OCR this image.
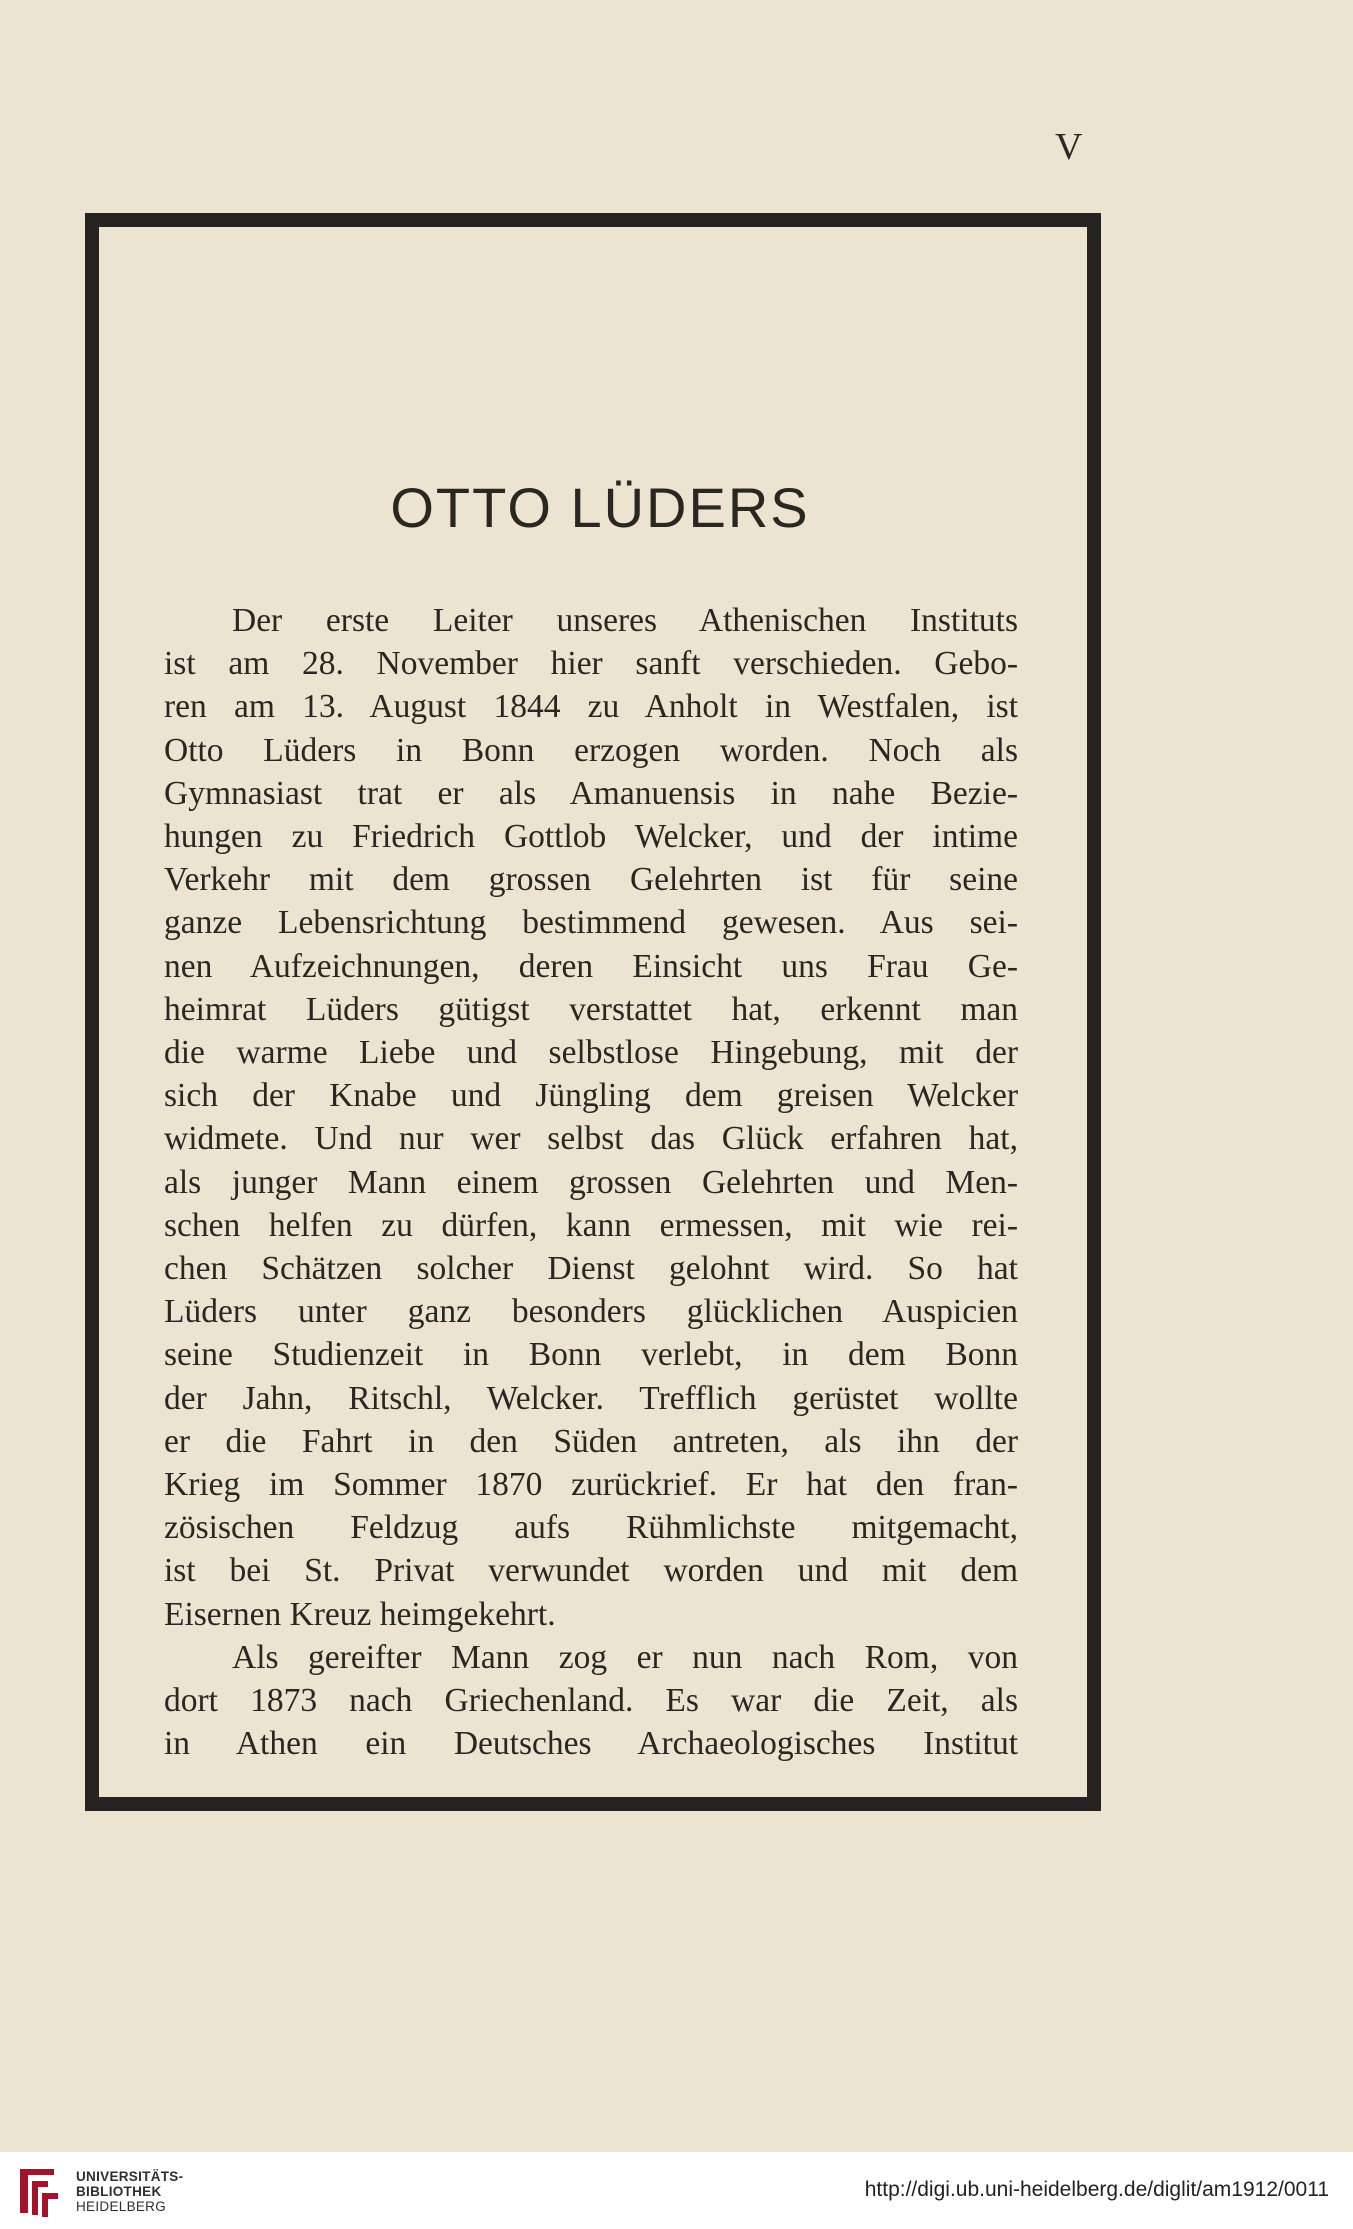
V
OTTO LÜDERS
Der erste Leiter unseres Athenischen Instituts
ist am 28. November hier sanft verschieden. Gebo-
ren am 13. August 1844 zu Anholt in Westfalen, ist
Otto Lüders in Bonn erzogen worden. Noch als
Gymnasiast trat er als Amanuensis in nahe Bezie-
hungen zu Friedrich Gottlob Welcker, und der intime
Verkehr mit dem grossen Gelehrten ist für seine
ganze Lebensrichtung bestimmend gewesen. Aus sei-
nen Aufzeichnungen, deren Einsicht uns Frau Ge-
heimrat Lüders gütigst verstattet hat, erkennt man
die warme Liebe und selbstlose Hingebung, mit der
sich der Knabe und Jüngling dem greisen Welcker
widmete. Und nur wer selbst das Glück erfahren hat,
als junger Mann einem grossen Gelehrten und Men-
schen helfen zu dürfen, kann ermessen, mit wie rei-
chen Schätzen solcher Dienst gelohnt wird. So hat
Lüders unter ganz besonders glücklichen Auspicien
seine Studienzeit in Bonn verlebt, in dem Bonn
der Jahn, Ritschl, Welcker. Trefflich gerüstet wollte
er die Fahrt in den Süden antreten, als ihn der
Krieg im Sommer 1870 zurückrief. Er hat den fran-
zösischen Feldzug aufs Rühmlichste mitgemacht,
ist bei St. Privat verwundet worden und mit dem
Eisernen Kreuz heimgekehrt.
Als gereifter Mann zog er nun nach Rom, von
dort 1873 nach Griechenland. Es war die Zeit, als
in Athen ein Deutsches Archaeologisches Institut
UNIVERSITÄTS-
BIBLIOTHEK
HEIDELBERG
http://digi.ub.uni-heidelberg.de/diglit/am1912/0011
